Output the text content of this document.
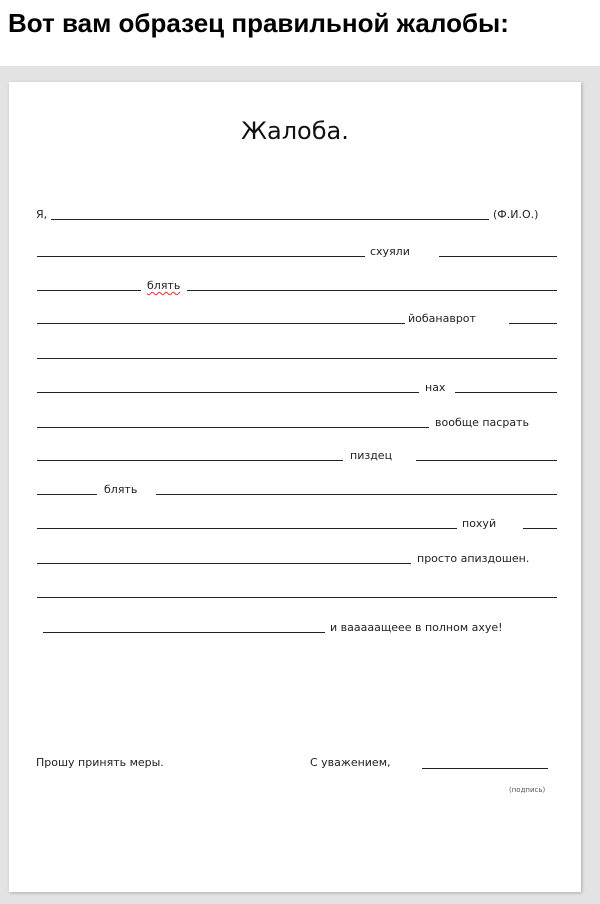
Вот вам образец правильной жалобы:
Жалоба.
Я,	(Ф.И.О.)
схуяли
блять
йобанаврот
нах
вообще пасрать
пиздец
блять
похуй
просто апиздошен.
и вааааащеее в полном ахуе!
Прошу принять меры.	С уважением,
(подпись)
